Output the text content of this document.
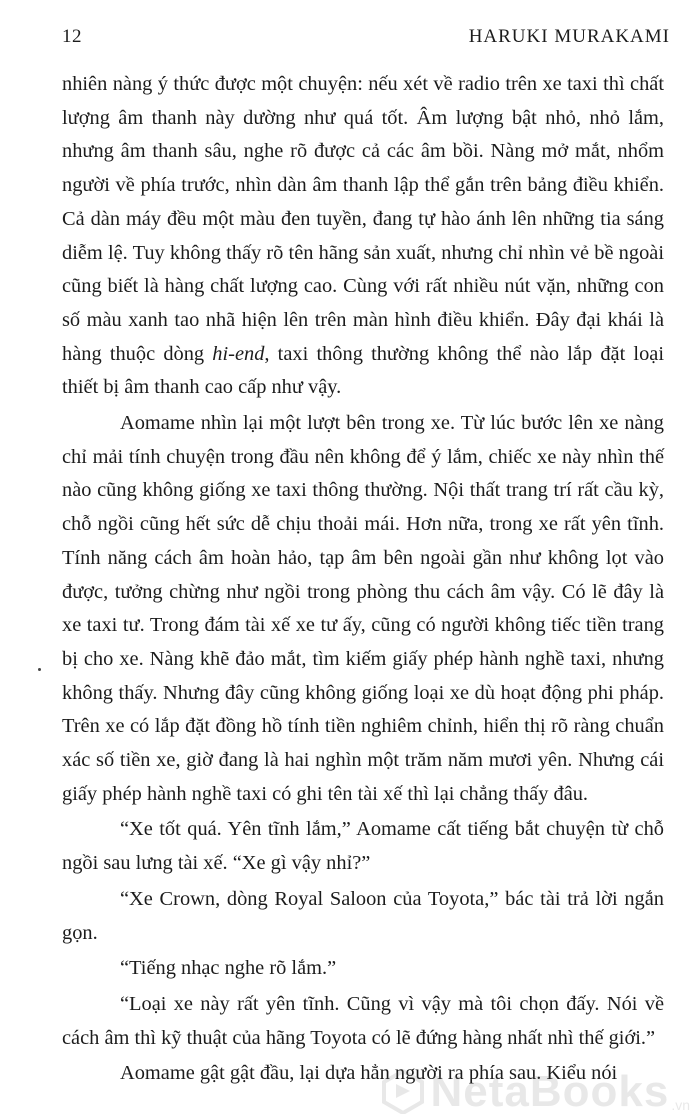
12	HARUKI MURAKAMI

nhiên nàng ý thức được một chuyện: nếu xét về radio trên xe taxi thì chất lượng âm thanh này dường như quá tốt. Âm lượng bật nhỏ, nhỏ lắm, nhưng âm thanh sâu, nghe rõ được cả các âm bồi. Nàng mở mắt, nhổm người về phía trước, nhìn dàn âm thanh lập thể gắn trên bảng điều khiển. Cả dàn máy đều một màu đen tuyền, đang tự hào ánh lên những tia sáng diễm lệ. Tuy không thấy rõ tên hãng sản xuất, nhưng chỉ nhìn vẻ bề ngoài cũng biết là hàng chất lượng cao. Cùng với rất nhiều nút vặn, những con số màu xanh tao nhã hiện lên trên màn hình điều khiển. Đây đại khái là hàng thuộc dòng hi-end, taxi thông thường không thể nào lắp đặt loại thiết bị âm thanh cao cấp như vậy.

Aomame nhìn lại một lượt bên trong xe. Từ lúc bước lên xe nàng chỉ mải tính chuyện trong đầu nên không để ý lắm, chiếc xe này nhìn thế nào cũng không giống xe taxi thông thường. Nội thất trang trí rất cầu kỳ, chỗ ngồi cũng hết sức dễ chịu thoải mái. Hơn nữa, trong xe rất yên tĩnh. Tính năng cách âm hoàn hảo, tạp âm bên ngoài gần như không lọt vào được, tưởng chừng như ngồi trong phòng thu cách âm vậy. Có lẽ đây là xe taxi tư. Trong đám tài xế xe tư ấy, cũng có người không tiếc tiền trang bị cho xe. Nàng khẽ đảo mắt, tìm kiếm giấy phép hành nghề taxi, nhưng không thấy. Nhưng đây cũng không giống loại xe dù hoạt động phi pháp. Trên xe có lắp đặt đồng hồ tính tiền nghiêm chỉnh, hiển thị rõ ràng chuẩn xác số tiền xe, giờ đang là hai nghìn một trăm năm mươi yên. Nhưng cái giấy phép hành nghề taxi có ghi tên tài xế thì lại chẳng thấy đâu.

“Xe tốt quá. Yên tĩnh lắm,” Aomame cất tiếng bắt chuyện từ chỗ ngồi sau lưng tài xế. “Xe gì vậy nhỉ?”

“Xe Crown, dòng Royal Saloon của Toyota,” bác tài trả lời ngắn gọn.

“Tiếng nhạc nghe rõ lắm.”

“Loại xe này rất yên tĩnh. Cũng vì vậy mà tôi chọn đấy. Nói về cách âm thì kỹ thuật của hãng Toyota có lẽ đứng hàng nhất nhì thế giới.”

Aomame gật gật đầu, lại dựa hẳn người ra phía sau. Kiểu nói

NetaBooks .vn
